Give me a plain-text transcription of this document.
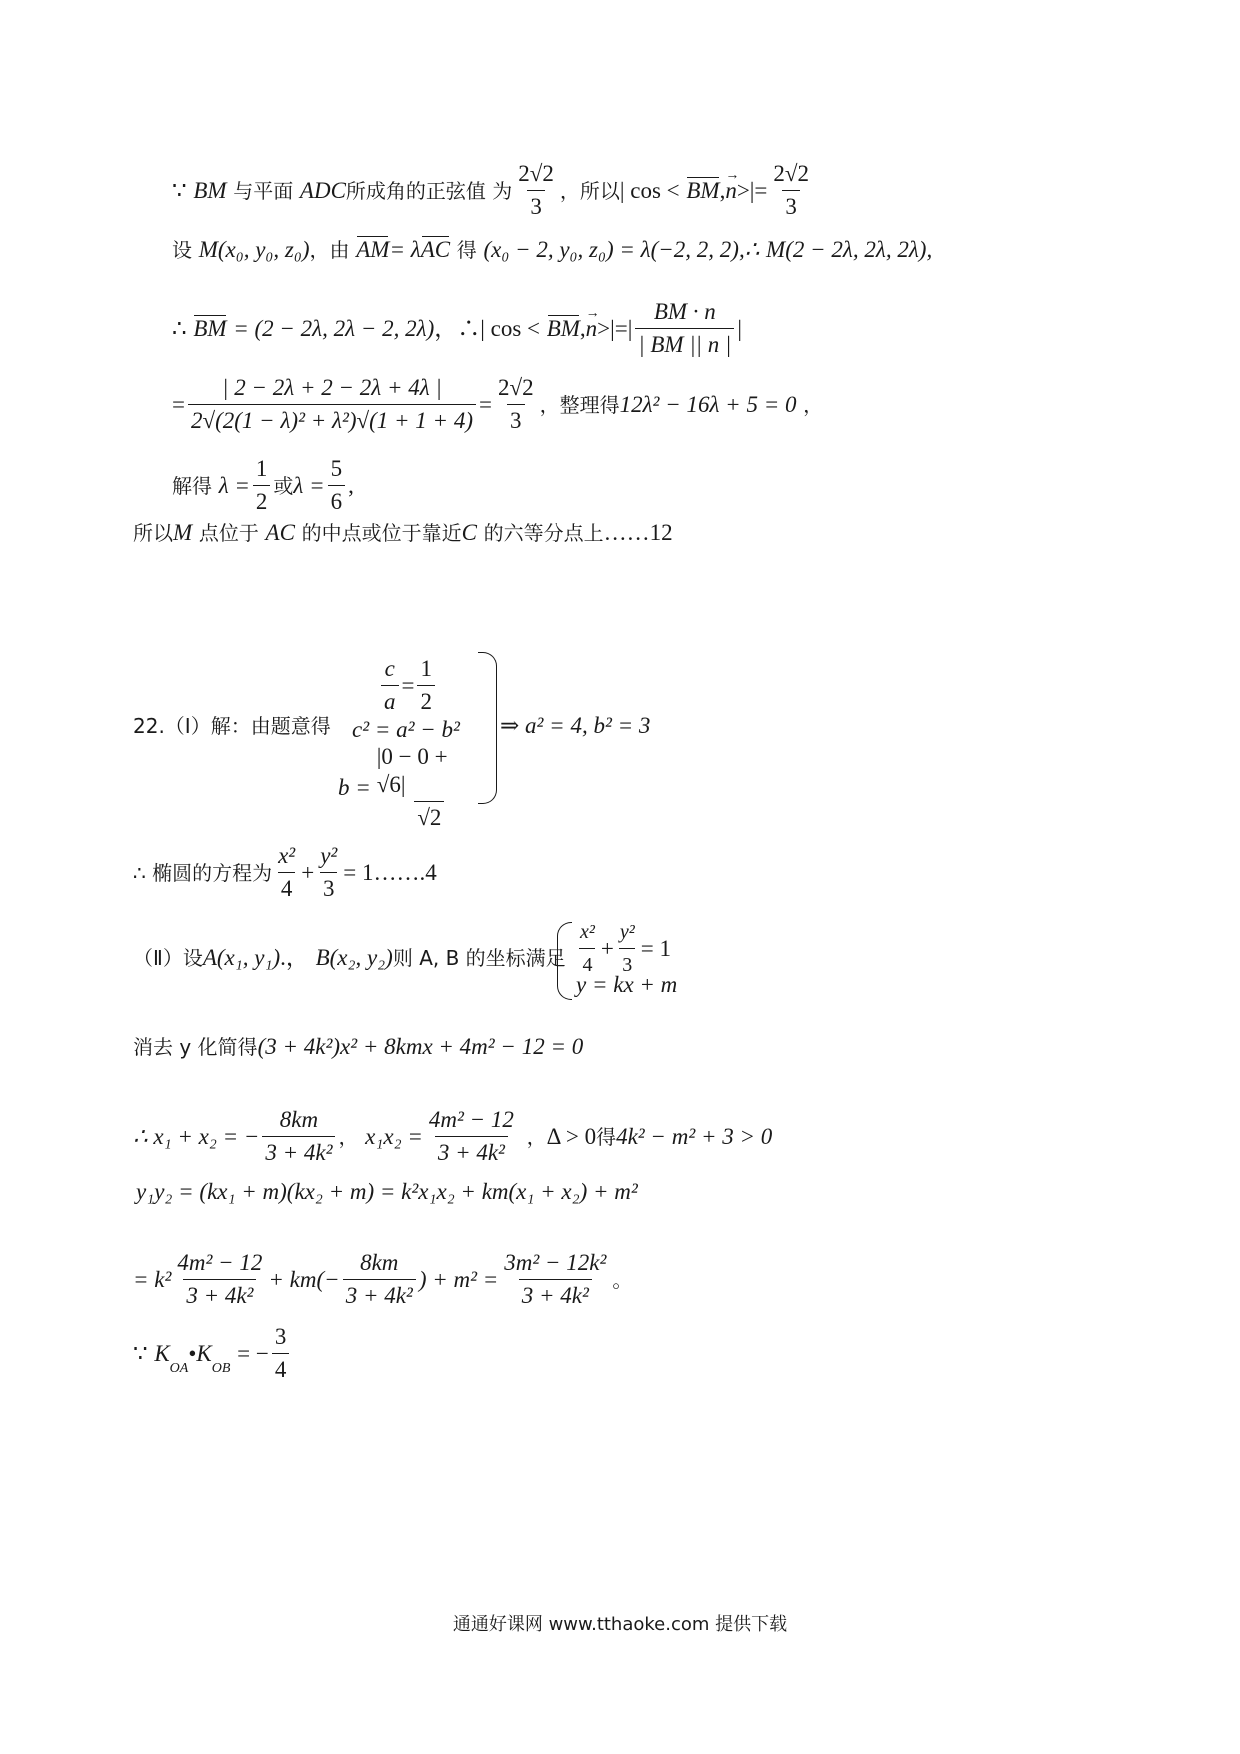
∵
BM
与平面
ADC 所成角的正弦值 为 $\frac{2√2}{3}$ ，所以 | cos <
BM , → n >|= $\frac{2√2}{3}$
设
M (x₀, y₀, z₀) ，由
AM = λ AC
得
(x₀ − 2, y₀, z₀) = λ(−2, 2, 2),∴
M (2 − 2λ, 2λ, 2λ),
∴
BM
= (2 − 2λ, 2λ − 2, 2λ) ，∴| cos <
BM , → n >|=| $\frac{BM \cdot n}{| BM || n |}$ |
= $\frac{| 2 - 2\lambda + 2 - 2\lambda + 4\lambda |}{\text{2√(2(1 − λ)² + λ²)√(1 + 1 + 4)}} = \frac{2√2}{3}$ ，整理得 12λ² − 16λ + 5 = 0
，
解得
$\lambda = \frac{1}{2}$ 或 $\lambda = \frac{5}{6}$ ,
所以 M
点位于
AC
的中点或位于靠近 C
的六等分点上 ……12
22.（Ⅰ）解：由题意得
$\frac{c}{a} = \frac{1}{2}$
c² = a² − b²
$b = \frac{|0 - 0 + √6|}{√2}$
⇒ a² = 4, b² = 3
∴ 椭圆的方程为 $\frac{\text{x²}}{4} + \frac{\text{y²}}{3} = 1$ …….4
（Ⅱ）设 A(x₁, y₁) .，
B(x₂, y₂) 则 A, B 的坐标满足 $\frac{\text{x²}}{4} + \frac{\text{y²}}{3} = 1$
y = kx + m
消去 y 化简得 (3 + 4k²)x² + 8kmx + 4m² − 12 = 0
∴ x₁ + x₂ = − $\frac{8km}{\text{3 + 4k²}}$ ，
$x_1x_2 = \frac{\text{4m² − 12}}{\text{3 + 4k²}}$
， Δ > 0 得 4k² − m² + 3 > 0
y₁y₂ = (kx₁ + m)(kx₂ + m) = k²x₁x₂ + km(x₁ + x₂) + m²
= $k^2 \frac{\text{4m² − 12}}{\text{3 + 4k²}} + km(- \frac{8km}{\text{3 + 4k²}}$ ) + $m^2 = \frac{\text{3m² − 12k²}}{\text{3 + 4k²}}$ 。
∵
K
OA
• K
OB

= − $\frac{3}{4}$
通通好课网 www.tthaoke.com 提供下载
